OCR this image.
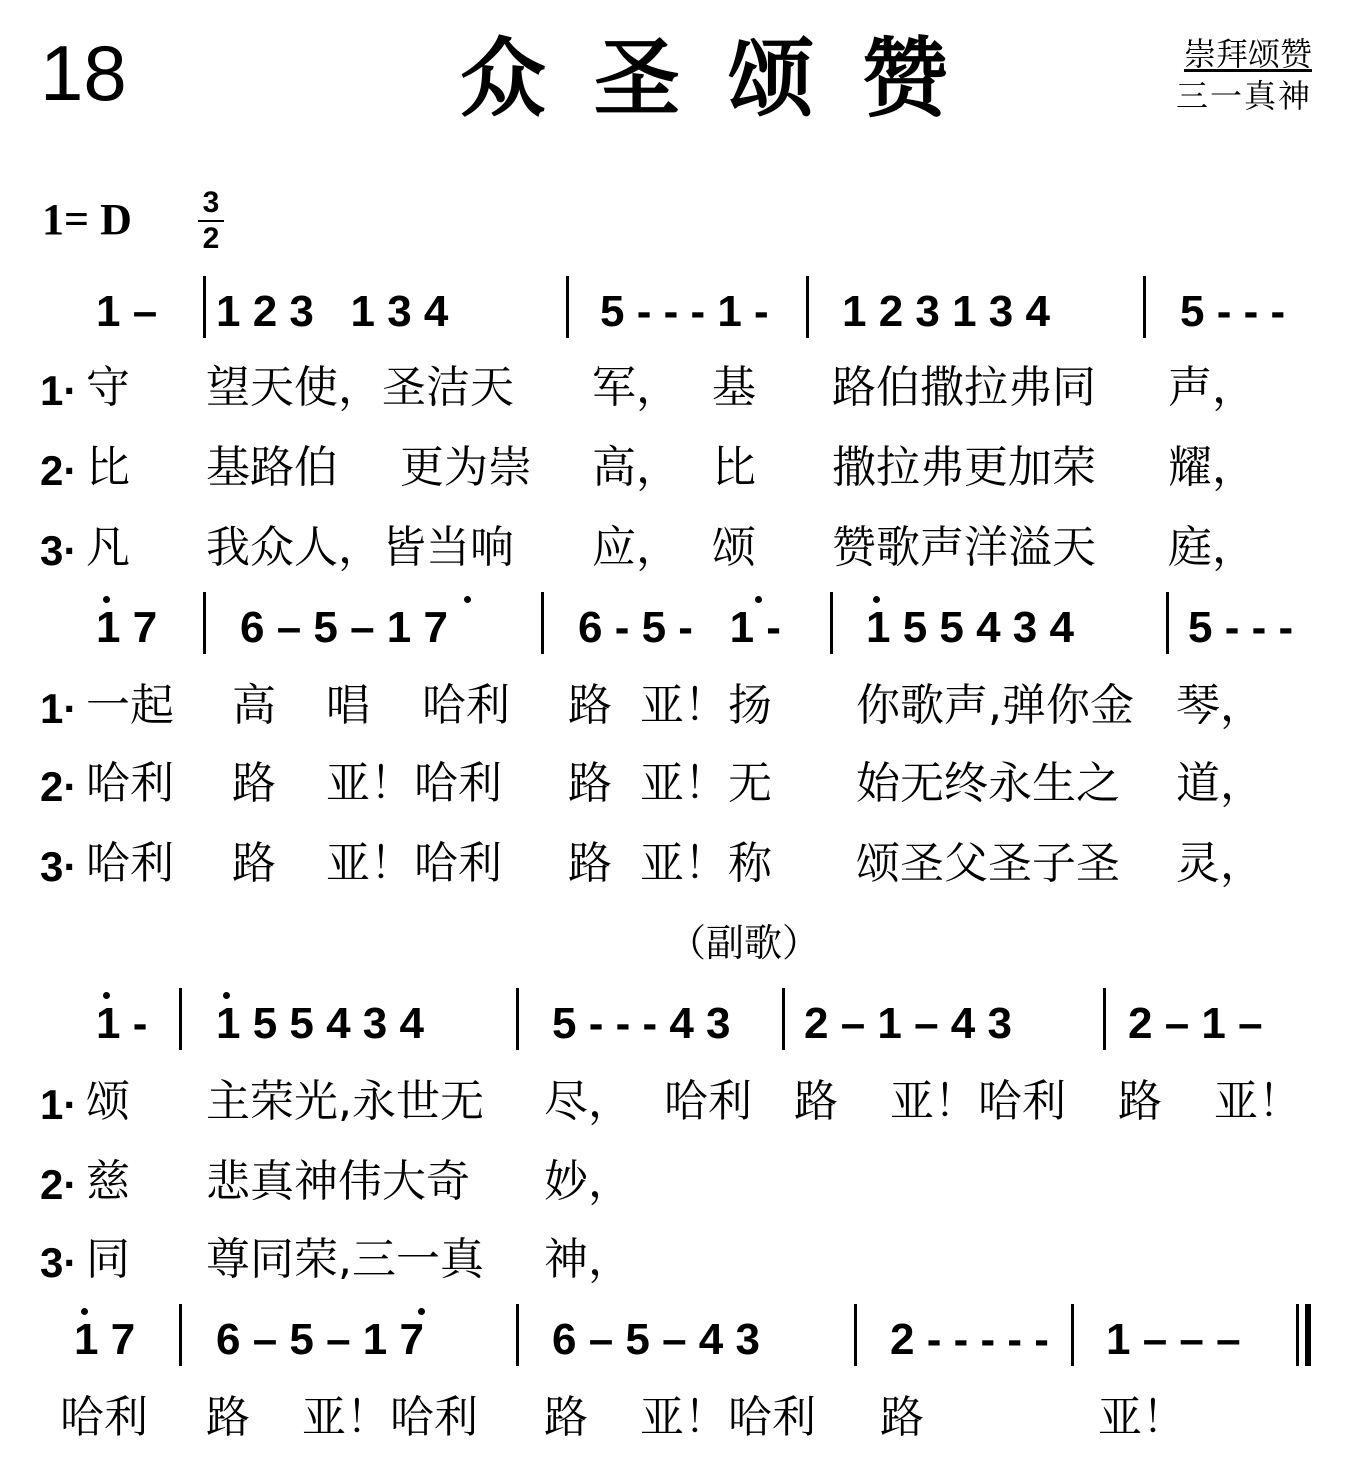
18	众圣颂赞	崇拜颂赞
三一真神
1= D 3
2
1 – 1 2 3   1 3 4	5 - - - 1 - 1 2 3 1 3 4	5 - - -
1· 守 望天使，圣洁天 军， 基 路伯撒拉弗同 声，
2· 比 基路伯 更为崇 高， 比 撒拉弗更加荣 耀，
3· 凡 我众人，皆当响 应， 颂 赞歌声洋溢天 庭，
1 7 6 – 5 – 1 7	6 - 5 -   1 - 1 5 5 4 3 4	5 - - -
1· 一起 高 唱 哈利 路 亚！扬 你歌声,弹你金 琴，
2· 哈利 路 亚！哈利 路 亚！无 始无终永生之 道，
3· 哈利 路 亚！哈利 路 亚！称 颂圣父圣子圣 灵，
（副歌）
1 - 1 5 5 4 3 4	5 - - - 4 3 2 – 1 – 4 3	2 – 1 –
1· 颂 主荣光,永世无 尽， 哈利 路 亚！哈利 路 亚！
2· 慈 悲真神伟大奇 妙，
3· 同 尊同荣,三一真 神，
1 7 6 – 5 – 1 7	6 – 5 – 4 3	2 - - - - - 1 – – –
哈利 路 亚！哈利 路 亚！哈利 路	亚！
